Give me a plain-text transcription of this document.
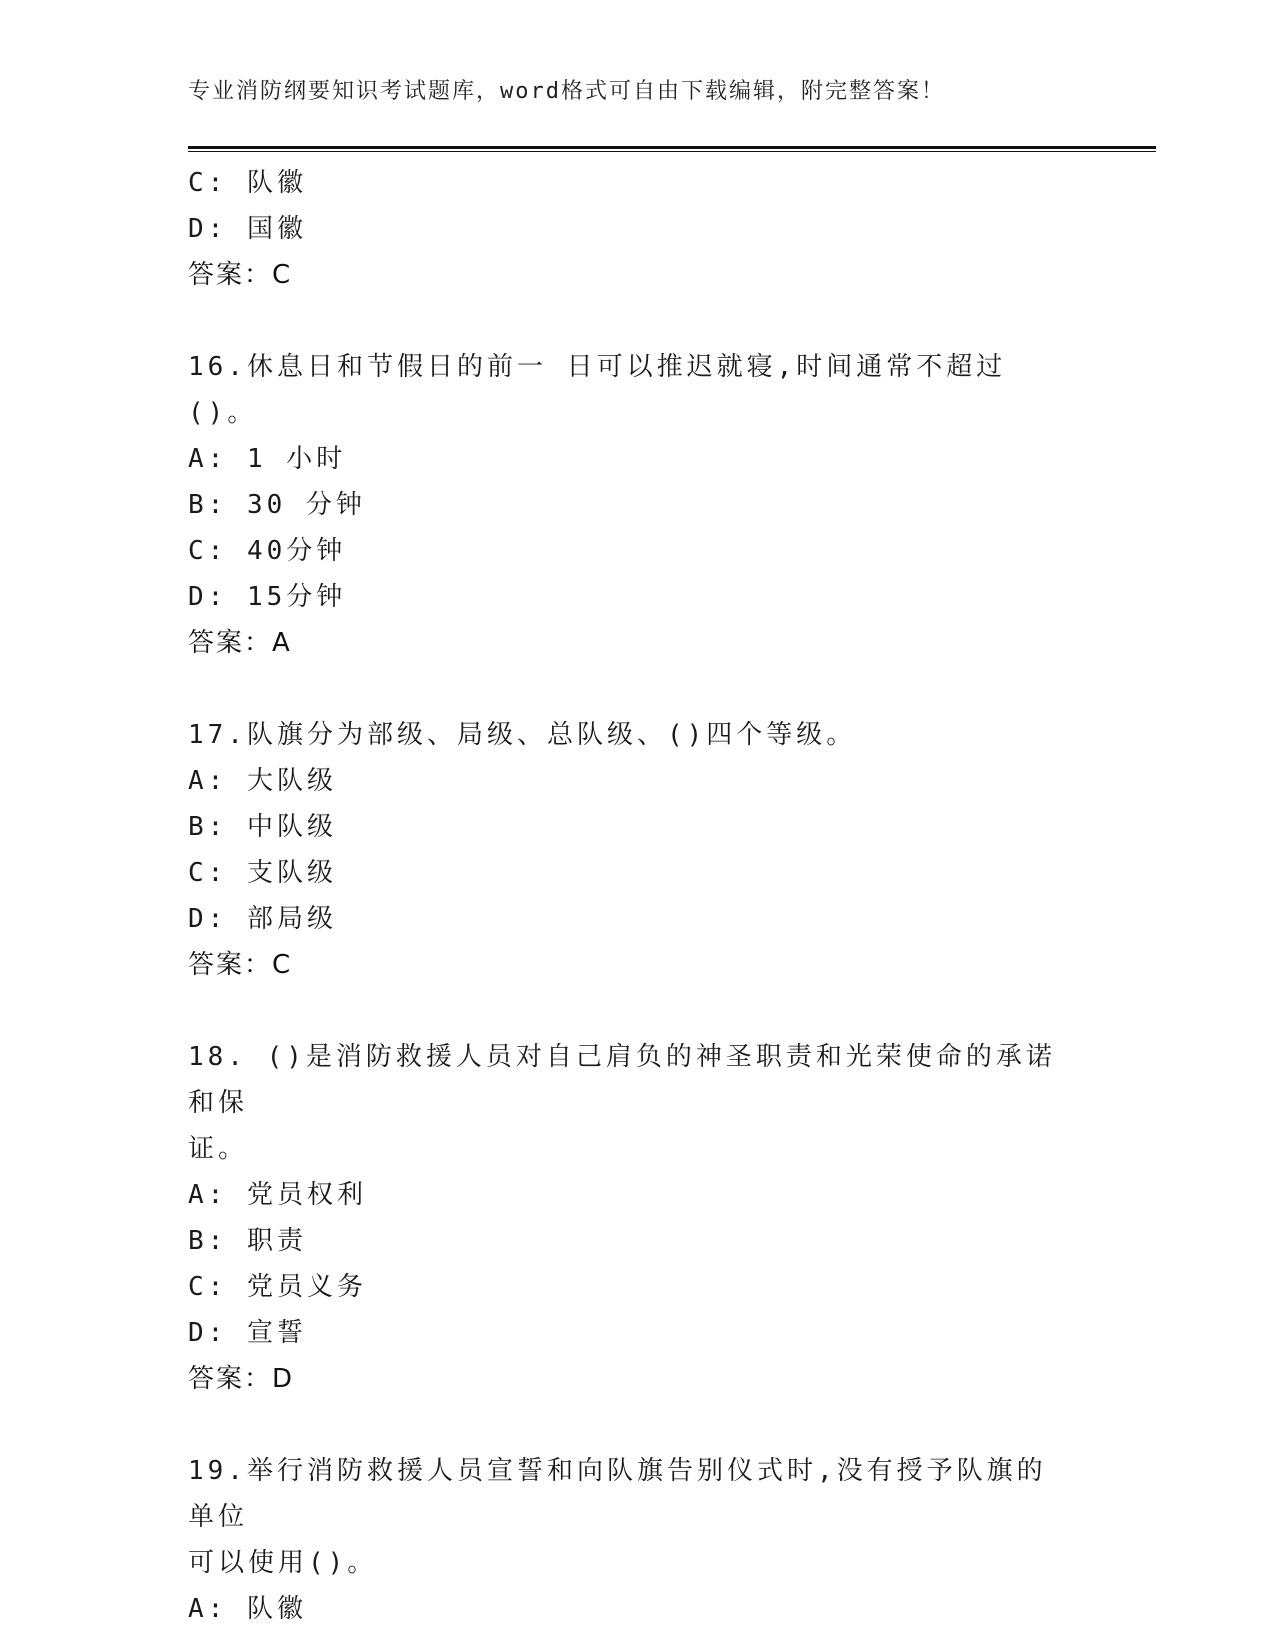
专业消防纲要知识考试题库，word格式可自由下载编辑，附完整答案！
C: 队徽
D: 国徽
答案：C
16.休息日和节假日的前一 日可以推迟就寝,时间通常不超过()。
A: 1 小时
B: 30 分钟
C: 40分钟
D: 15分钟
答案：A
17.队旗分为部级、局级、总队级、()四个等级。
A: 大队级
B: 中队级
C: 支队级
D: 部局级
答案：C
18. ()是消防救援人员对自己肩负的神圣职责和光荣使命的承诺和保
证。
A: 党员权利
B: 职责
C: 党员义务
D: 宣誓
答案：D
19.举行消防救援人员宣誓和向队旗告别仪式时,没有授予队旗的单位
可以使用()。
A: 队徽
